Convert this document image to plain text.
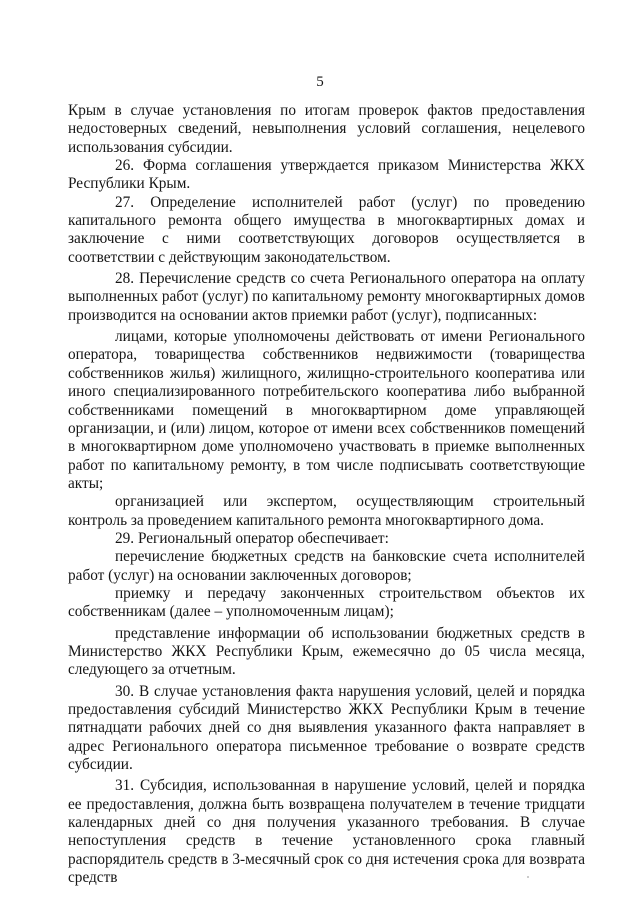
5

Крым в случае установления по итогам проверок фактов предоставления недостоверных сведений, невыполнения условий соглашения, нецелевого использования субсидии.

26. Форма соглашения утверждается приказом Министерства ЖКХ Республики Крым.

27. Определение исполнителей работ (услуг) по проведению капитального ремонта общего имущества в многоквартирных домах и заключение с ними соответствующих договоров осуществляется в соответствии с действующим законодательством.

28. Перечисление средств со счета Регионального оператора на оплату выполненных работ (услуг) по капитальному ремонту многоквартирных домов производится на основании актов приемки работ (услуг), подписанных:

лицами, которые уполномочены действовать от имени Регионального оператора, товарищества собственников недвижимости (товарищества собственников жилья) жилищного, жилищно-строительного кооператива или иного специализированного потребительского кооператива либо выбранной собственниками помещений в многоквартирном доме управляющей организации, и (или) лицом, которое от имени всех собственников помещений в многоквартирном доме уполномочено участвовать в приемке выполненных работ по капитальному ремонту, в том числе подписывать соответствующие акты;

организацией или экспертом, осуществляющим строительный контроль за проведением капитального ремонта многоквартирного дома.

29. Региональный оператор обеспечивает:

перечисление бюджетных средств на банковские счета исполнителей работ (услуг) на основании заключенных договоров;

приемку и передачу законченных строительством объектов их собственникам (далее – уполномоченным лицам);

представление информации об использовании бюджетных средств в Министерство ЖКХ Республики Крым, ежемесячно до 05 числа месяца, следующего за отчетным.

30. В случае установления факта нарушения условий, целей и порядка предоставления субсидий Министерство ЖКХ Республики Крым в течение пятнадцати рабочих дней со дня выявления указанного факта направляет в адрес Регионального оператора письменное требование о возврате средств субсидии.

31. Субсидия, использованная в нарушение условий, целей и порядка ее предоставления, должна быть возвращена получателем в течение тридцати календарных дней со дня получения указанного требования. В случае непоступления средств в течение установленного срока главный распорядитель средств в 3-месячный срок со дня истечения срока для возврата средств
